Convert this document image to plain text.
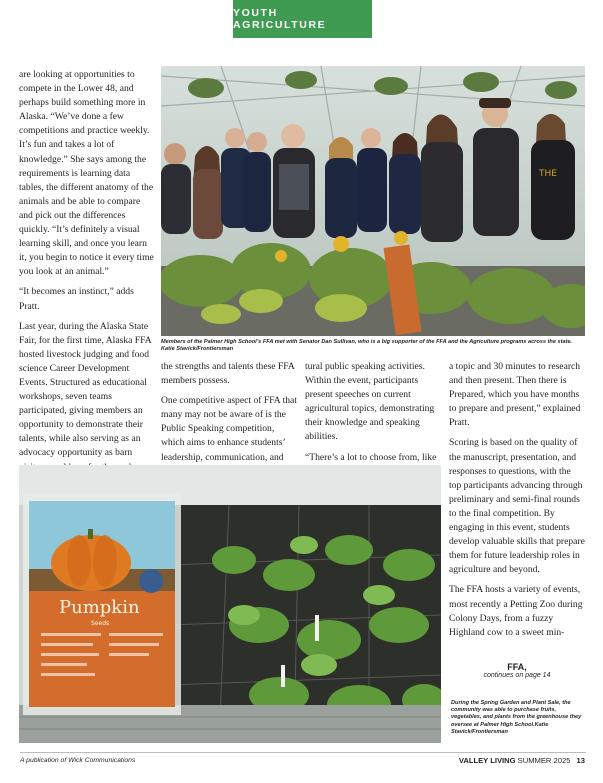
YOUTH AGRICULTURE

are looking at opportunities to compete in the Lower 48, and perhaps build something more in Alaska. “We’ve done a few competitions and practice weekly. It’s fun and takes a lot of knowledge.” She says among the requirements is learning data tables, the different anatomy of the animals and be able to compare and pick out the differences quickly. “It’s definitely a visual learning skill, and once you learn it, you begin to notice it every time you look at an animal.”

“It becomes an instinct,” adds Pratt.

Last year, during the Alaska State Fair, for the first time, Alaska FFA hosted livestock judging and food science Career Development Events. Structured as educational workshops, seven teams participated, giving members an opportunity to demonstrate their talents, while also serving as an advocacy opportunity as barn

THE
Members of the Palmer High School’s FFA met with Senator Dan Sullivan, who is a big supporter of the FFA and the Agriculture programs across the state. Katie Stavick/Frontiersman

the strengths and talents these FFA members possess.

One competitive aspect of FFA that many may not be aware of is the Public Speaking competition, which aims to enhance students’ leadership, communication, and

tural public speaking activities. Within the event, participants present speeches on current agricultural topics, demonstrating their knowledge and speaking abilities.

“There’s a lot to choose from, like

a topic and 30 minutes to research and then present. Then there is Prepared, which you have months to prepare and present,” explained Pratt.

Scoring is based on the quality of the manuscript, presentation, and responses to questions, with the top participants advancing through preliminary and semi-final rounds to the final competition. By engaging in this event, students develop valuable skills that prepare them for future leadership roles in agriculture and beyond.

The FFA hosts a variety of events, most recently a Petting Zoo during Colony Days, from a fuzzy Highland cow to a sweet min-

FFA,
continues on page 14
Pumpkin
Seeds
During the Spring Garden and Plant Sale, the community was able to purchase fruits, vegetables, and plants from the greenhouse they oversee at Palmer High School.Katie Stavick/Frontiersman
A publication of Wick Communications	VALLEY LIVING SUMMER 2025 13
